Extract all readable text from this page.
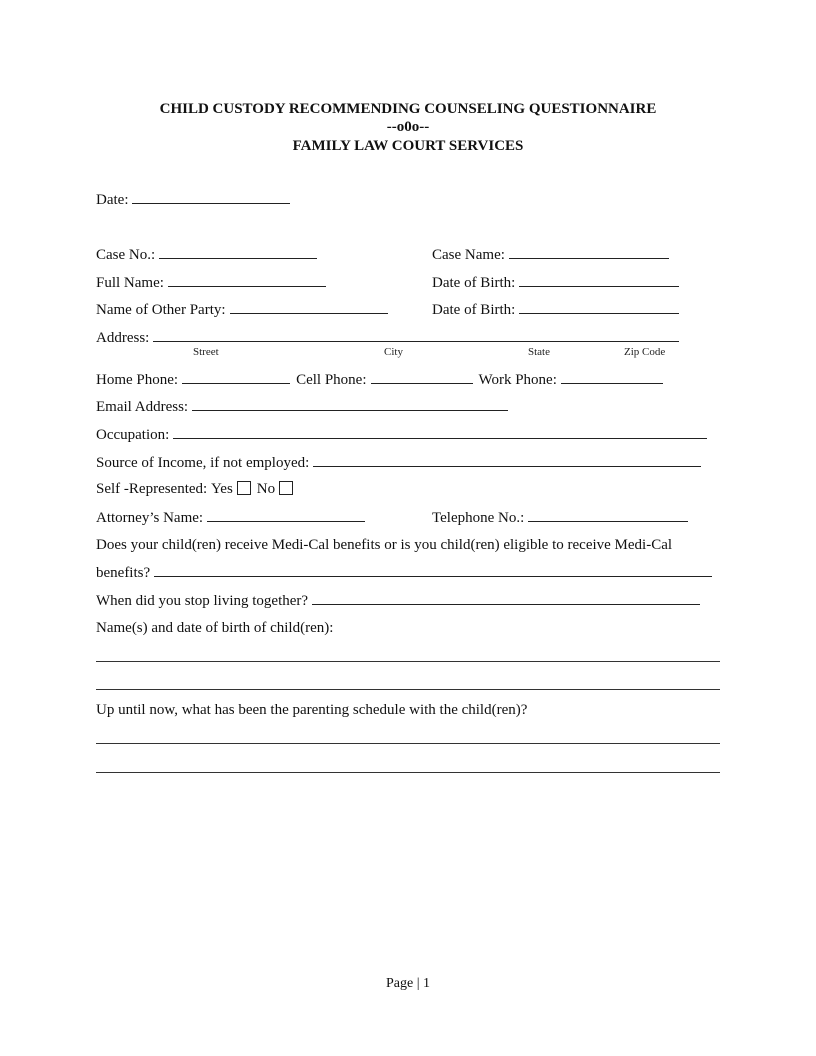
CHILD CUSTODY RECOMMENDING COUNSELING QUESTIONNAIRE
--o0o--
FAMILY LAW COURT SERVICES
Date:
Case No.:	Case Name:
Full Name:	Date of Birth:
Name of Other Party:	Date of Birth:
Address:
Street	City	State	Zip Code
Home Phone:	Cell Phone:	Work Phone:
Email Address:
Occupation:
Source of Income, if not employed:
Self -Represented: Yes No
Attorney’s Name:	Telephone No.:
Does your child(ren) receive Medi-Cal benefits or is you child(ren) eligible to receive Medi-Cal
benefits?
When did you stop living together?
Name(s) and date of birth of child(ren):
Up until now, what has been the parenting schedule with the child(ren)?
Page | 1
